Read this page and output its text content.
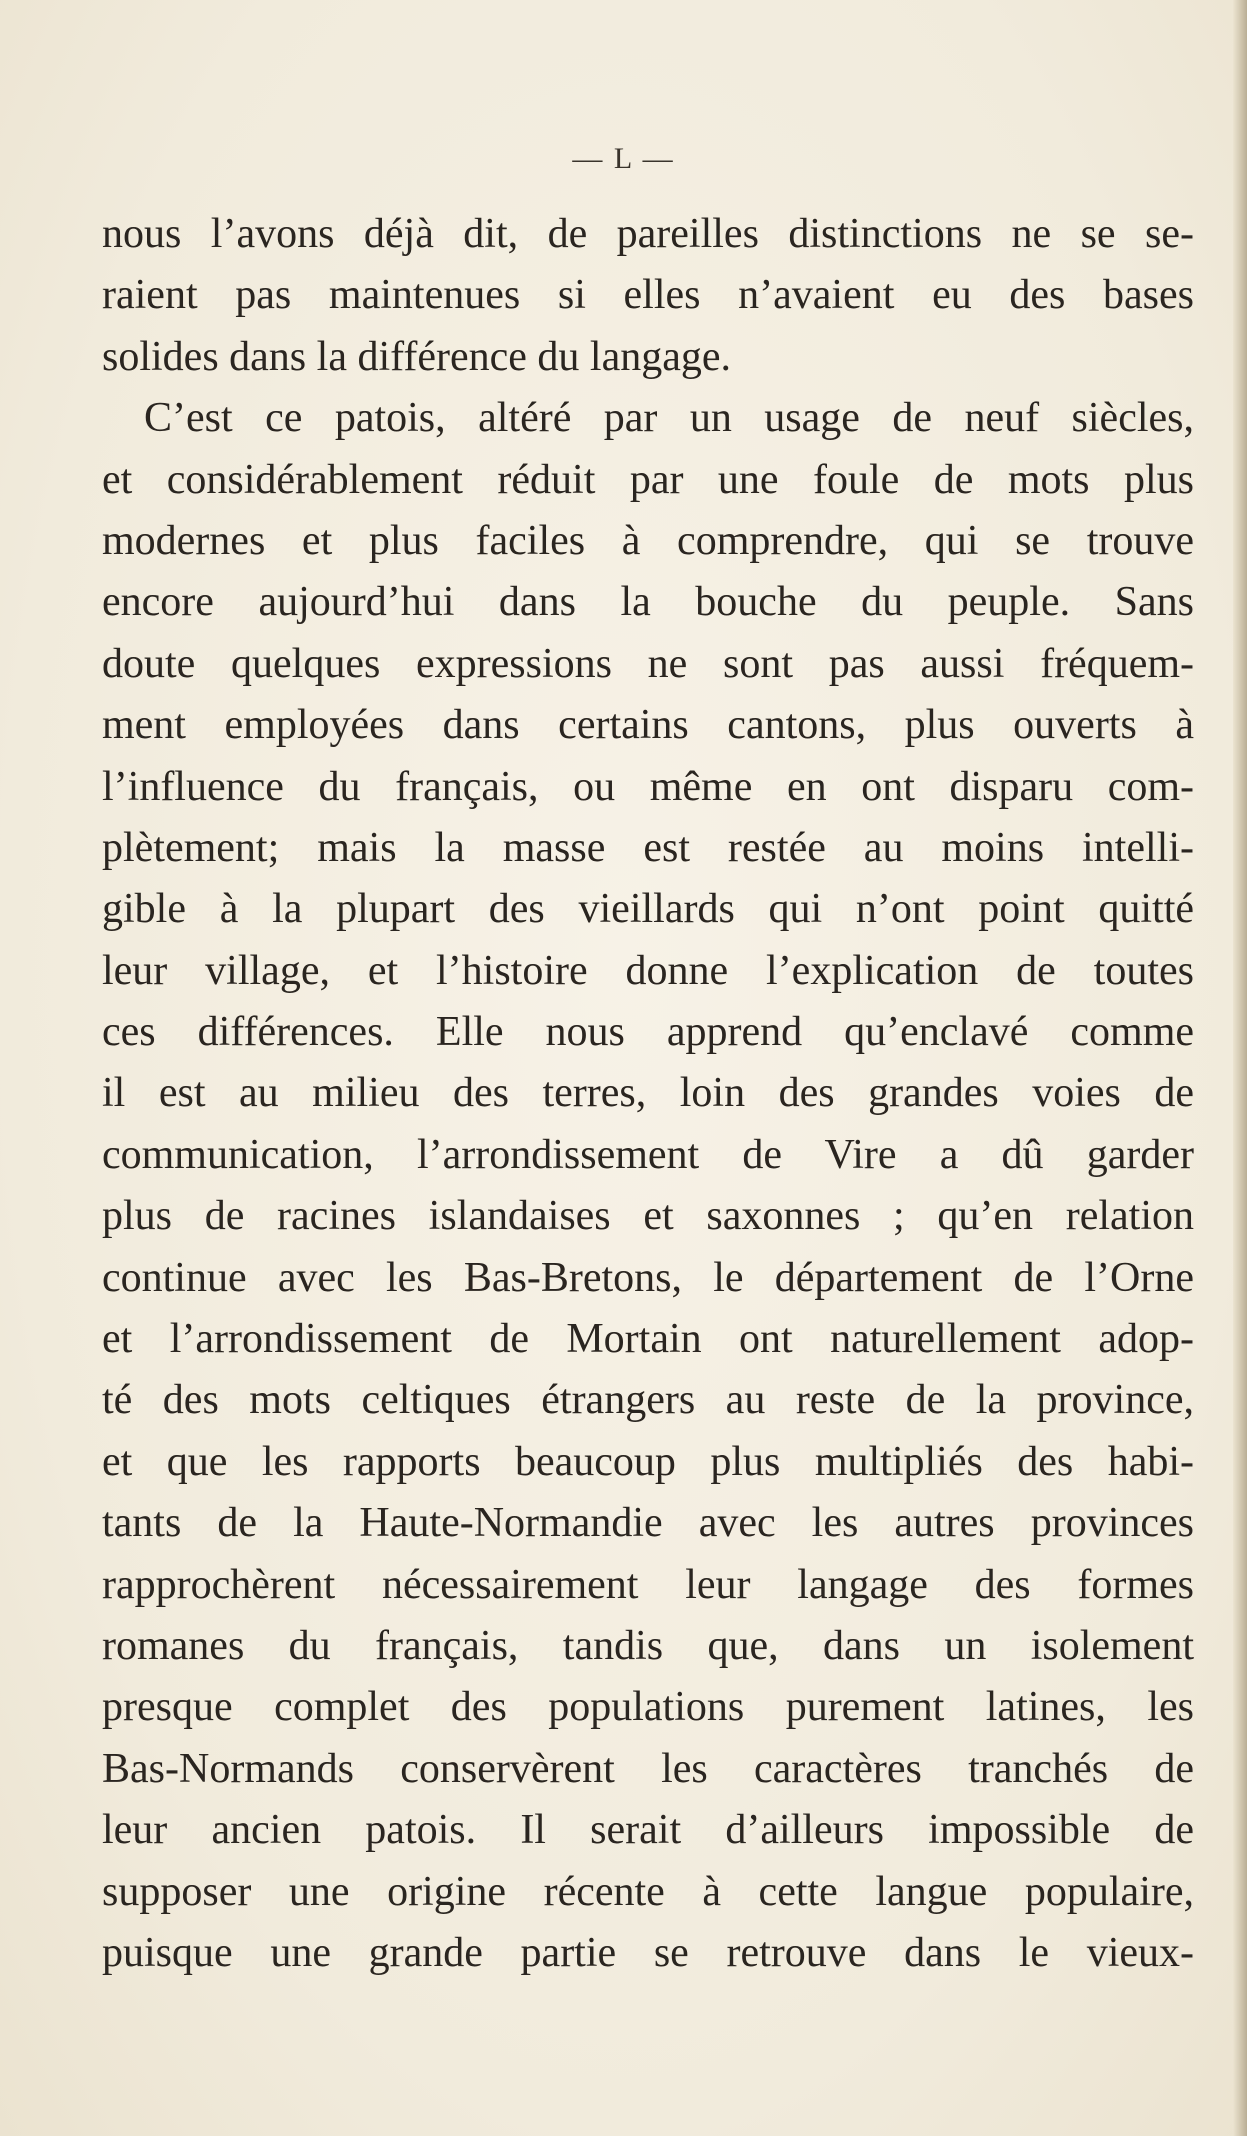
— L —
nous l’avons déjà dit, de pareilles distinctions ne se se-
raient pas maintenues si elles n’avaient eu des bases
solides dans la différence du langage.
C’est ce patois, altéré par un usage de neuf siècles,
et considérablement réduit par une foule de mots plus
modernes et plus faciles à comprendre, qui se trouve
encore aujourd’hui dans la bouche du peuple. Sans
doute quelques expressions ne sont pas aussi fréquem-
ment employées dans certains cantons, plus ouverts à
l’influence du français, ou même en ont disparu com-
plètement; mais la masse est restée au moins intelli-
gible à la plupart des vieillards qui n’ont point quitté
leur village, et l’histoire donne l’explication de toutes
ces différences. Elle nous apprend qu’enclavé comme
il est au milieu des terres, loin des grandes voies de
communication, l’arrondissement de Vire a dû garder
plus de racines islandaises et saxonnes ; qu’en relation
continue avec les Bas-Bretons, le département de l’Orne
et l’arrondissement de Mortain ont naturellement adop-
té des mots celtiques étrangers au reste de la province,
et que les rapports beaucoup plus multipliés des habi-
tants de la Haute-Normandie avec les autres provinces
rapprochèrent nécessairement leur langage des formes
romanes du français, tandis que, dans un isolement
presque complet des populations purement latines, les
Bas-Normands conservèrent les caractères tranchés de
leur ancien patois. Il serait d’ailleurs impossible de
supposer une origine récente à cette langue populaire,
puisque une grande partie se retrouve dans le vieux-
